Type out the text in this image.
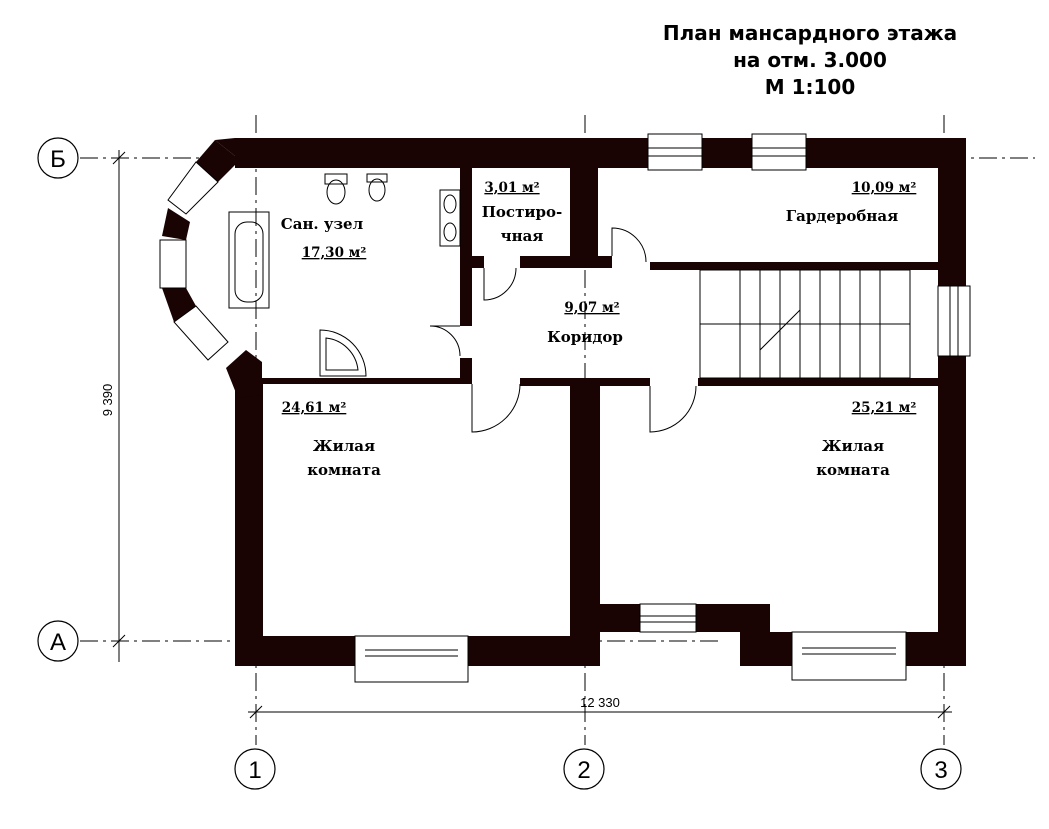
План мансардного этажа
на отм. 3.000
М 1:100
Б
А
1	2	3
12 330
9 390
Сан. узел
17,30 м²
3,01 м²
Постиро-
чная
10,09 м²
Гардеробная
9,07 м²
Коридор
24,61 м²
Жилая
комната
25,21 м²
Жилая
комната
